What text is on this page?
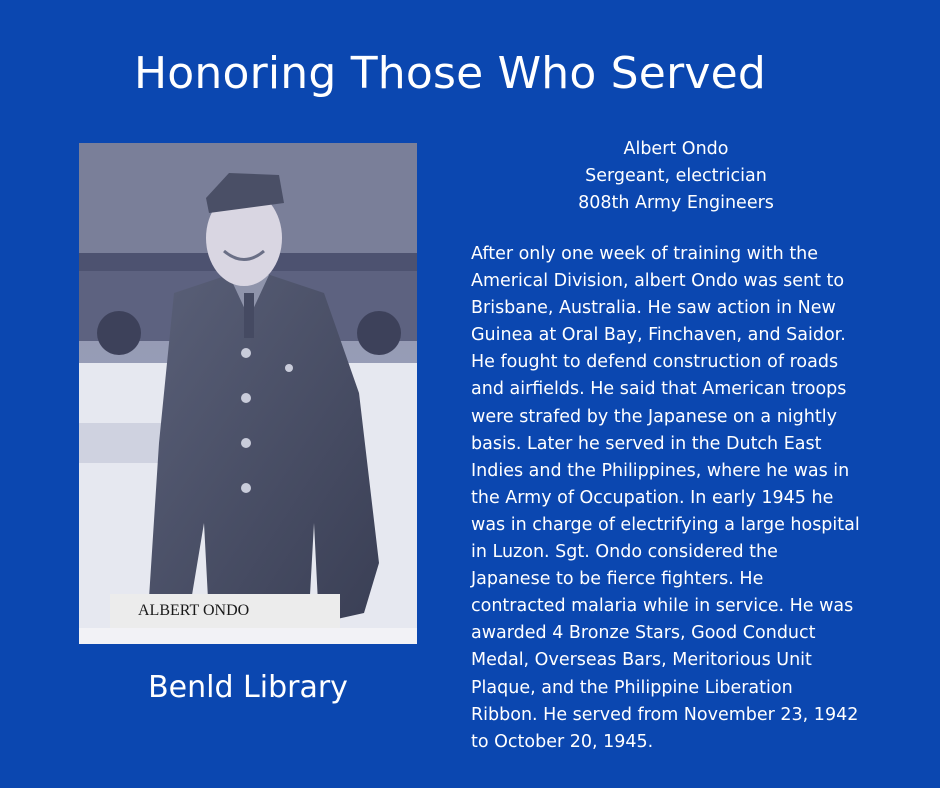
Honoring Those Who Served
ALBERT ONDO
Benld Library
Albert Ondo
Sergeant, electrician
808th Army Engineers
After only one week of training with the
Americal Division, albert Ondo was sent to
Brisbane, Australia. He saw action in New
Guinea at Oral Bay, Finchaven, and Saidor.
He fought to defend construction of roads
and airfields. He said that American troops
were strafed by the Japanese on a nightly
basis. Later he served in the Dutch East
Indies and the Philippines, where he was in
the Army of Occupation. In early 1945 he
was in charge of electrifying a large hospital
in Luzon. Sgt. Ondo considered the
Japanese to be fierce fighters. He
contracted malaria while in service. He was
awarded 4 Bronze Stars, Good Conduct
Medal, Overseas Bars, Meritorious Unit
Plaque, and the Philippine Liberation
Ribbon. He served from November 23, 1942
to October 20, 1945.
